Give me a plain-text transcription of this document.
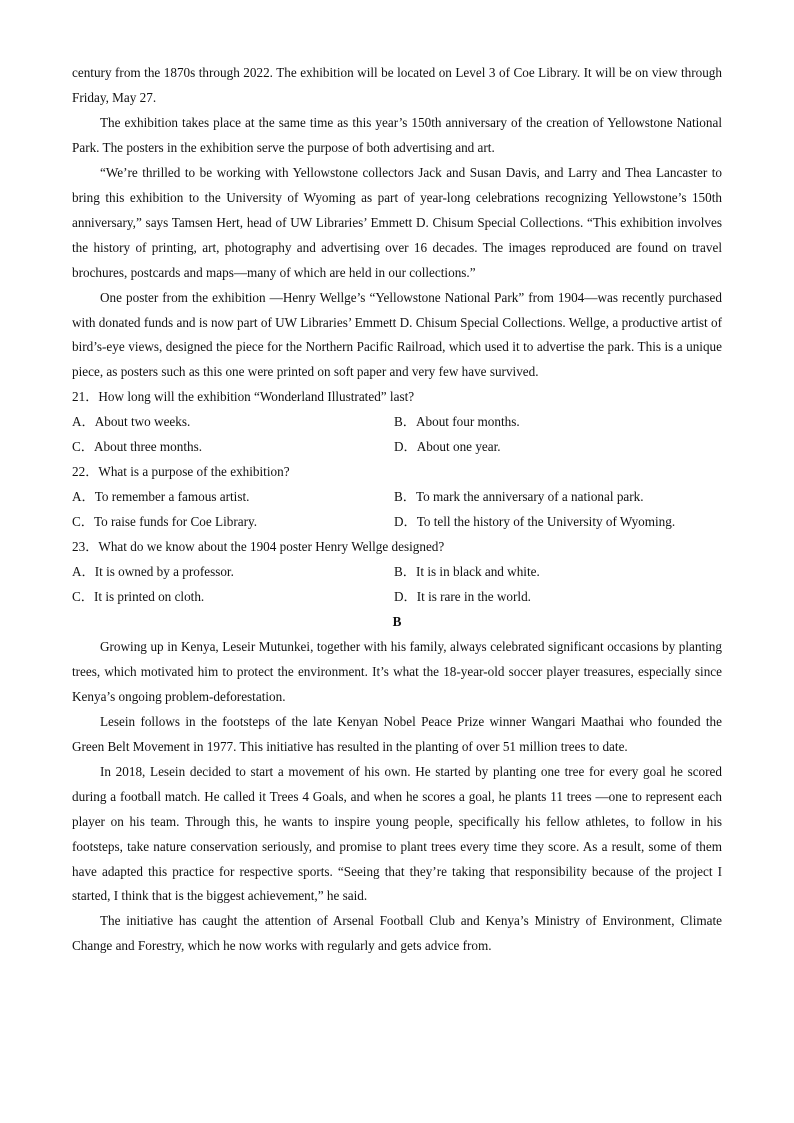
century from the 1870s through 2022. The exhibition will be located on Level 3 of Coe Library. It will be on view through Friday, May 27.

The exhibition takes place at the same time as this year’s 150th anniversary of the creation of Yellowstone National Park. The posters in the exhibition serve the purpose of both advertising and art.

“We’re thrilled to be working with Yellowstone collectors Jack and Susan Davis, and Larry and Thea Lancaster to bring this exhibition to the University of Wyoming as part of year-long celebrations recognizing Yellowstone’s 150th anniversary,” says Tamsen Hert, head of UW Libraries’ Emmett D. Chisum Special Collections. “This exhibition involves the history of printing, art, photography and advertising over 16 decades. The images reproduced are found on travel brochures, postcards and maps—many of which are held in our collections.”

One poster from the exhibition —Henry Wellge’s “Yellowstone National Park” from 1904—was recently purchased with donated funds and is now part of UW Libraries’ Emmett D. Chisum Special Collections. Wellge, a productive artist of bird’s-eye views, designed the piece for the Northern Pacific Railroad, which used it to advertise the park. This is a unique piece, as posters such as this one were printed on soft paper and very few have survived.

21．How long will the exhibition “Wonderland Illustrated” last?

A．About two weeks.	B．About four months.
C．About three months.	D．About one year.

22．What is a purpose of the exhibition?

A．To remember a famous artist.	B．To mark the anniversary of a national park.
C．To raise funds for Coe Library.	D．To tell the history of the University of Wyoming.

23．What do we know about the 1904 poster Henry Wellge designed?

A．It is owned by a professor.	B．It is in black and white.
C．It is printed on cloth.	D．It is rare in the world.

B

Growing up in Kenya, Leseir Mutunkei, together with his family, always celebrated significant occasions by planting trees, which motivated him to protect the environment. It’s what the 18-year-old soccer player treasures, especially since Kenya’s ongoing problem-deforestation.

Lesein follows in the footsteps of the late Kenyan Nobel Peace Prize winner Wangari Maathai who founded the Green Belt Movement in 1977. This initiative has resulted in the planting of over 51 million trees to date.

In 2018, Lesein decided to start a movement of his own. He started by planting one tree for every goal he scored during a football match. He called it Trees 4 Goals, and when he scores a goal, he plants 11 trees —one to represent each player on his team. Through this, he wants to inspire young people, specifically his fellow athletes, to follow in his footsteps, take nature conservation seriously, and promise to plant trees every time they score. As a result, some of them have adapted this practice for respective sports. “Seeing that they’re taking that responsibility because of the project I started, I think that is the biggest achievement,” he said.

The initiative has caught the attention of Arsenal Football Club and Kenya’s Ministry of Environment, Climate Change and Forestry, which he now works with regularly and gets advice from.
